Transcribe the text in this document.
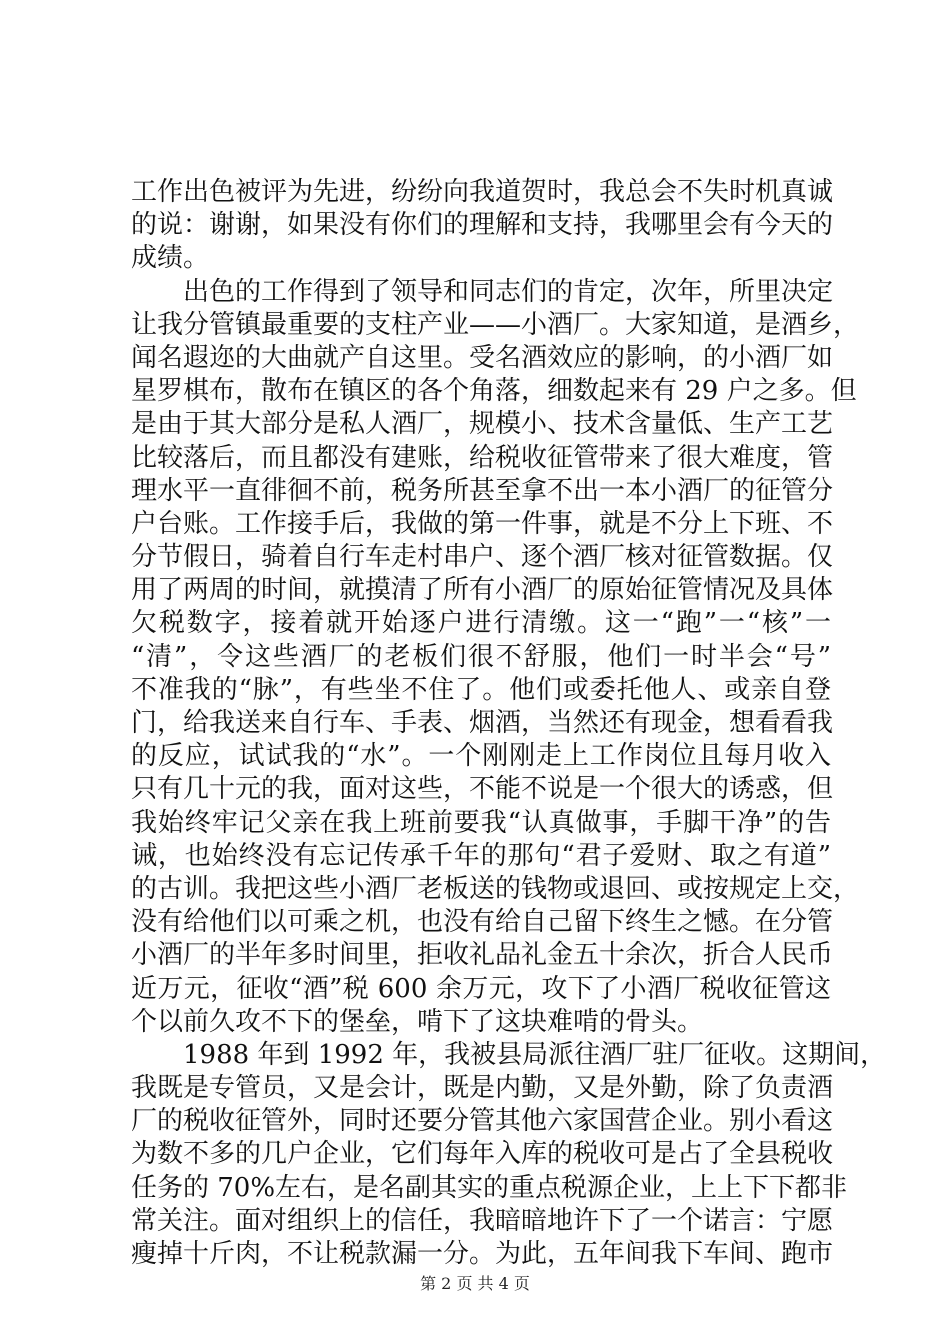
工作出色被评为先进，纷纷向我道贺时，我总会不失时机真诚
的说：谢谢，如果没有你们的理解和支持，我哪里会有今天的
成绩。
　　出色的工作得到了领导和同志们的肯定，次年，所里决定
让我分管镇最重要的支柱产业——小酒厂。大家知道，是酒乡，
闻名遐迩的大曲就产自这里。受名酒效应的影响，的小酒厂如
星罗棋布，散布在镇区的各个角落，细数起来有 29 户之多。但
是由于其大部分是私人酒厂，规模小、技术含量低、生产工艺
比较落后，而且都没有建账，给税收征管带来了很大难度，管
理水平一直徘徊不前，税务所甚至拿不出一本小酒厂的征管分
户台账。工作接手后，我做的第一件事，就是不分上下班、不
分节假日，骑着自行车走村串户、逐个酒厂核对征管数据。仅
用了两周的时间，就摸清了所有小酒厂的原始征管情况及具体
欠税数字，接着就开始逐户进行清缴。这一“跑”一“核”一
“清”，令这些酒厂的老板们很不舒服，他们一时半会“号”
不准我的“脉”，有些坐不住了。他们或委托他人、或亲自登
门，给我送来自行车、手表、烟酒，当然还有现金，想看看我
的反应，试试我的“水”。一个刚刚走上工作岗位且每月收入
只有几十元的我，面对这些，不能不说是一个很大的诱惑，但
我始终牢记父亲在我上班前要我“认真做事，手脚干净”的告
诫，也始终没有忘记传承千年的那句“君子爱财、取之有道”
的古训。我把这些小酒厂老板送的钱物或退回、或按规定上交，
没有给他们以可乘之机，也没有给自己留下终生之憾。在分管
小酒厂的半年多时间里，拒收礼品礼金五十余次，折合人民币
近万元，征收“酒”税 600 余万元，攻下了小酒厂税收征管这
个以前久攻不下的堡垒，啃下了这块难啃的骨头。
　　1988 年到 1992 年，我被县局派往酒厂驻厂征收。这期间，
我既是专管员，又是会计，既是内勤，又是外勤，除了负责酒
厂的税收征管外，同时还要分管其他六家国营企业。别小看这
为数不多的几户企业，它们每年入库的税收可是占了全县税收
任务的 70%左右，是名副其实的重点税源企业，上上下下都非
常关注。面对组织上的信任，我暗暗地许下了一个诺言：宁愿
瘦掉十斤肉，不让税款漏一分。为此，五年间我下车间、跑市
第 2 页 共 4 页
